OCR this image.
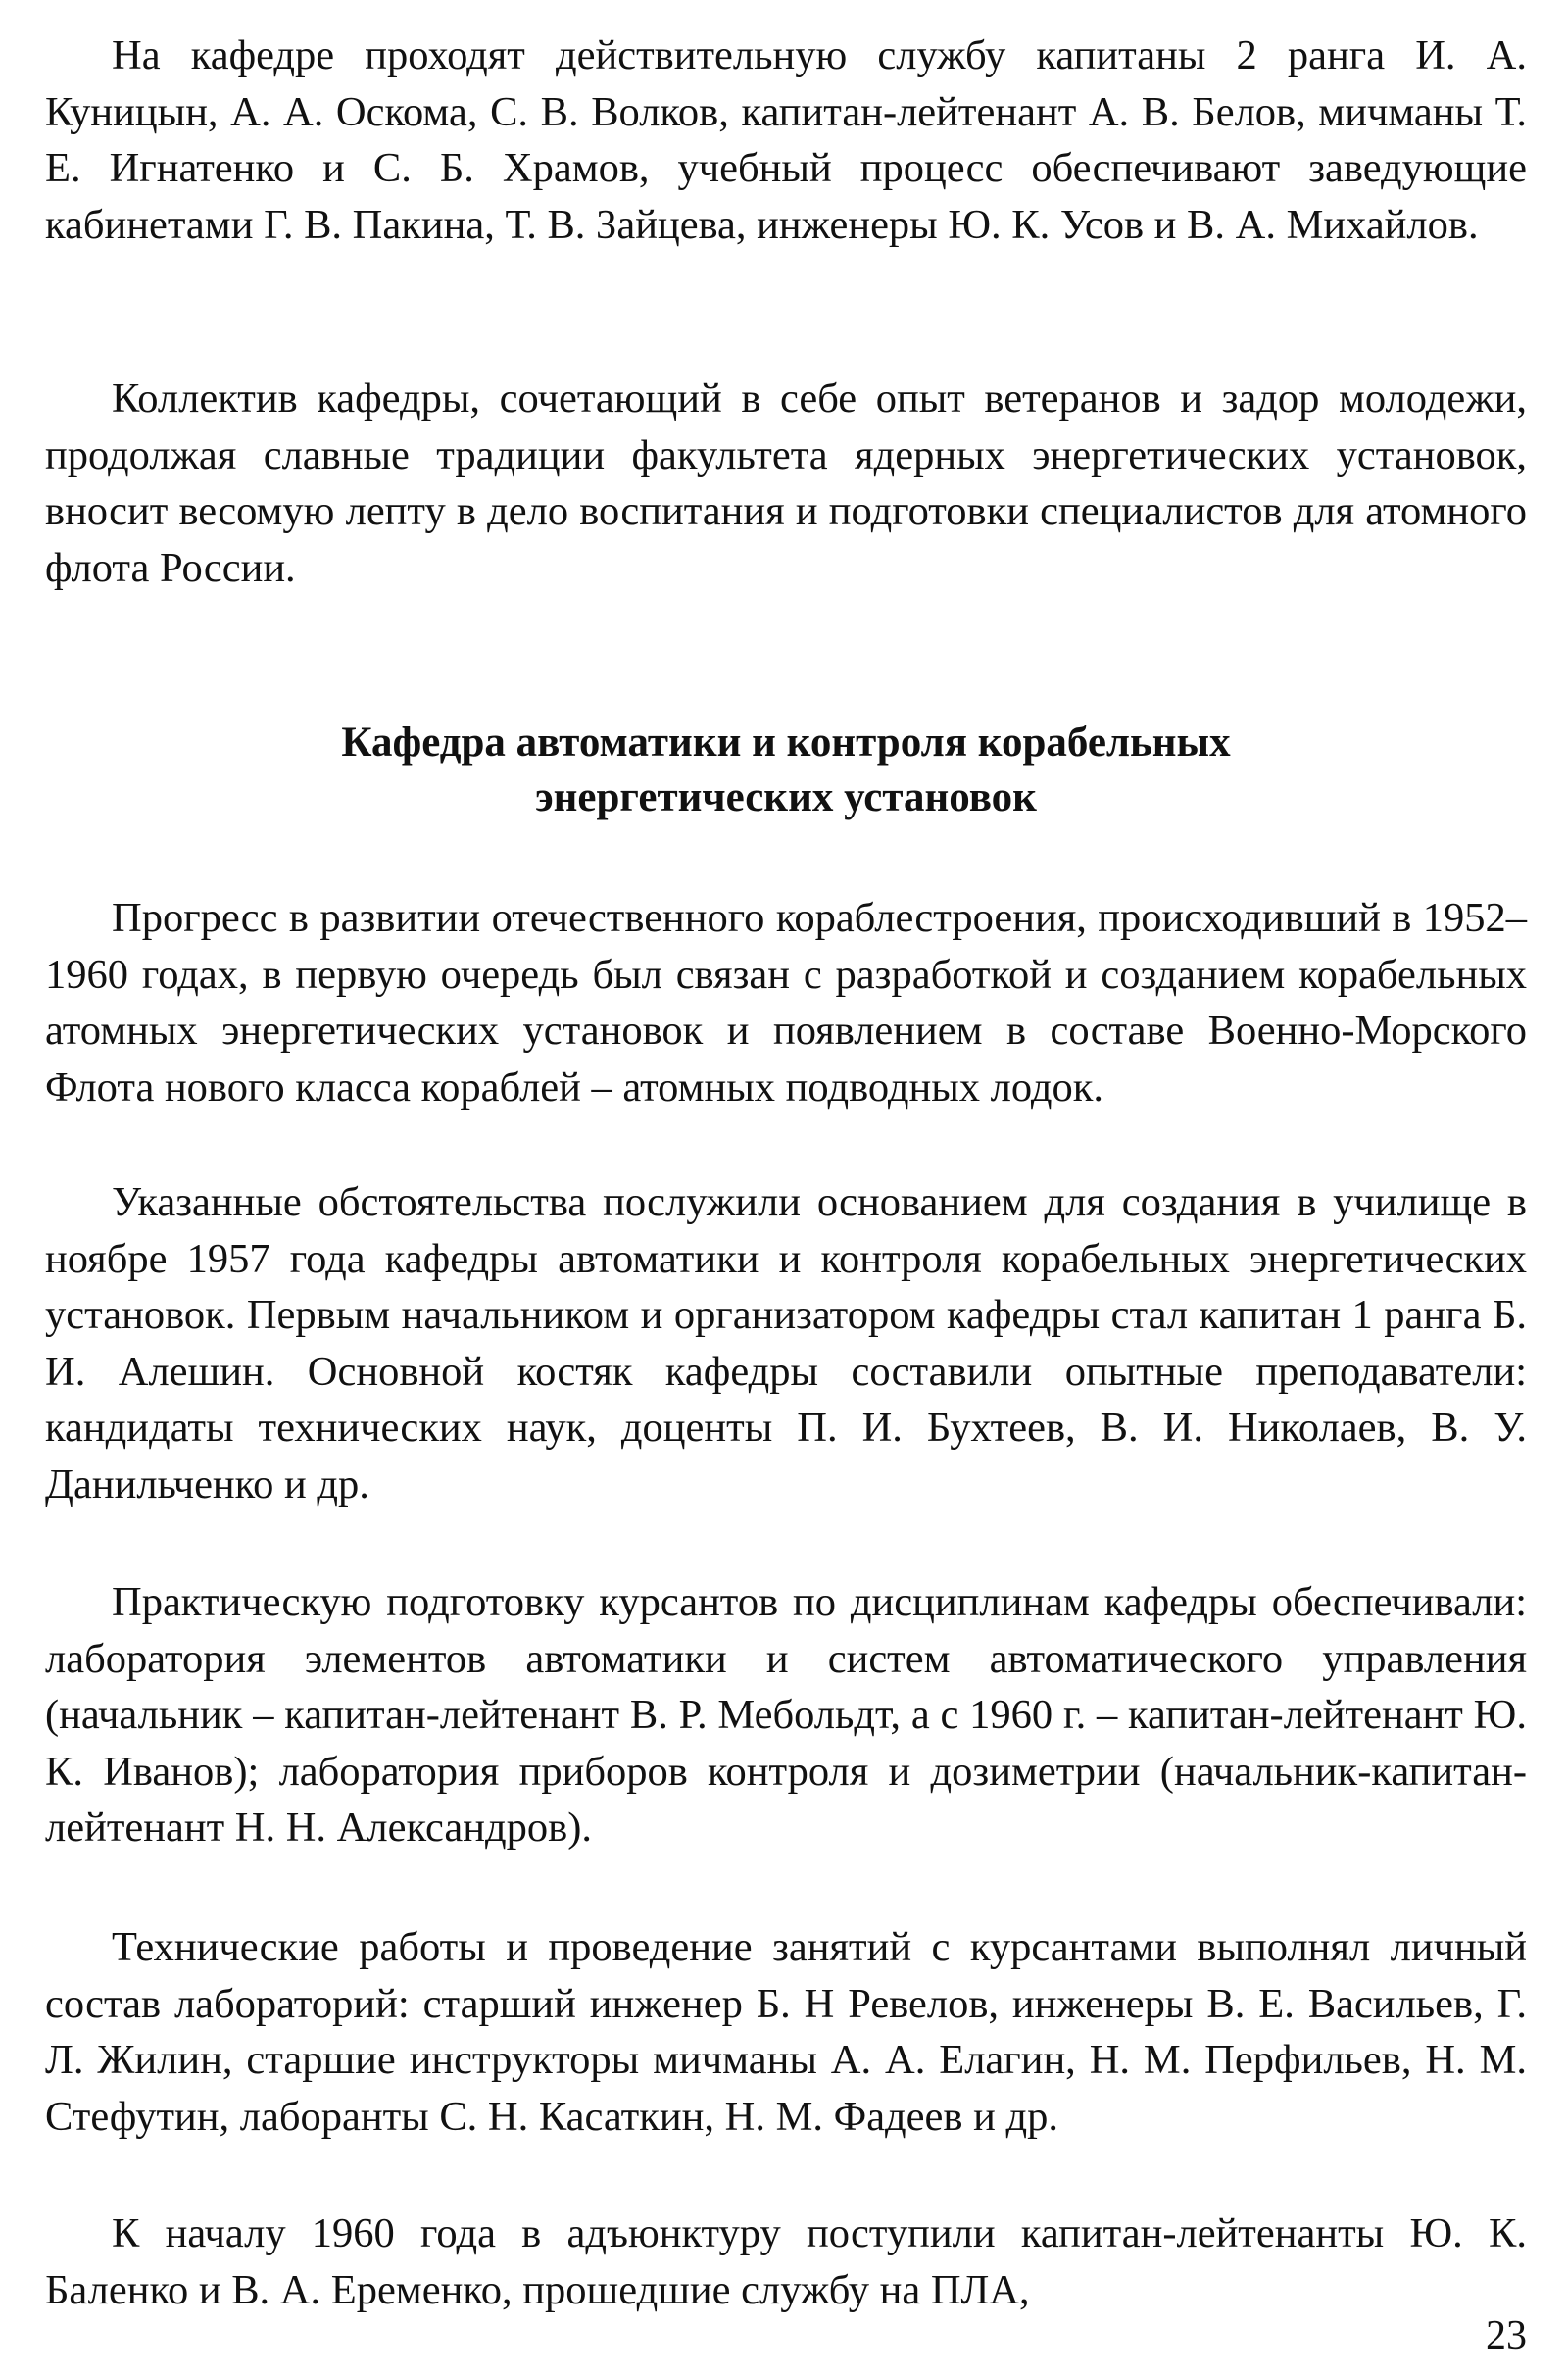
На кафедре проходят действительную службу капитаны 2 ранга И. А. Куницын, А. А. Оскома, С. В. Волков, капитан-лейтенант А. В. Белов, мичманы Т. Е. Игнатенко и С. Б. Храмов, учебный процесс обеспечивают заведующие кабинетами Г. В. Пакина, Т. В. Зайцева, инженеры Ю. К. Усов и В. А. Михайлов.

Коллектив кафедры, сочетающий в себе опыт ветеранов и задор молодежи, продолжая славные традиции факультета ядерных энергетических установок, вносит весомую лепту в дело воспитания и подготовки специалистов для атомного флота России.

Кафедра автоматики и контроля корабельных

энергетических установок

Прогресс в развитии отечественного кораблестроения, происходивший в 1952–1960 годах, в первую очередь был связан с разработкой и созданием корабельных атомных энергетических установок и появлением в составе Военно-Морского Флота нового класса кораблей – атомных подводных лодок.

Указанные обстоятельства послужили основанием для создания в училище в ноябре 1957 года кафедры автоматики и контроля корабельных энергетических установок. Первым начальником и организатором кафедры стал капитан 1 ранга Б. И. Алешин. Основной костяк кафедры составили опытные преподаватели: кандидаты технических наук, доценты П. И. Бухтеев, В. И. Николаев, В. У. Данильченко и др.

Практическую подготовку курсантов по дисциплинам кафедры обеспечивали: лаборатория элементов автоматики и систем автоматического управления (начальник – капитан-лейтенант В. Р. Мебольдт, а с 1960 г. – капитан-лейтенант Ю. К. Иванов); лаборатория приборов контроля и дозиметрии (начальник-капитан-лейтенант Н. Н. Александров).

Технические работы и проведение занятий с курсантами выполнял личный состав лабораторий: старший инженер Б. Н Ревелов, инженеры В. Е. Васильев, Г. Л. Жилин, старшие инструкторы мичманы А. А. Елагин, Н. М. Перфильев, Н. М. Стефутин, лаборанты С. Н. Касаткин, Н. М. Фадеев и др.

К началу 1960 года в адъюнктуру поступили капитан-лейтенанты Ю. К. Баленко и В. А. Еременко, прошедшие службу на ПЛА,

23
